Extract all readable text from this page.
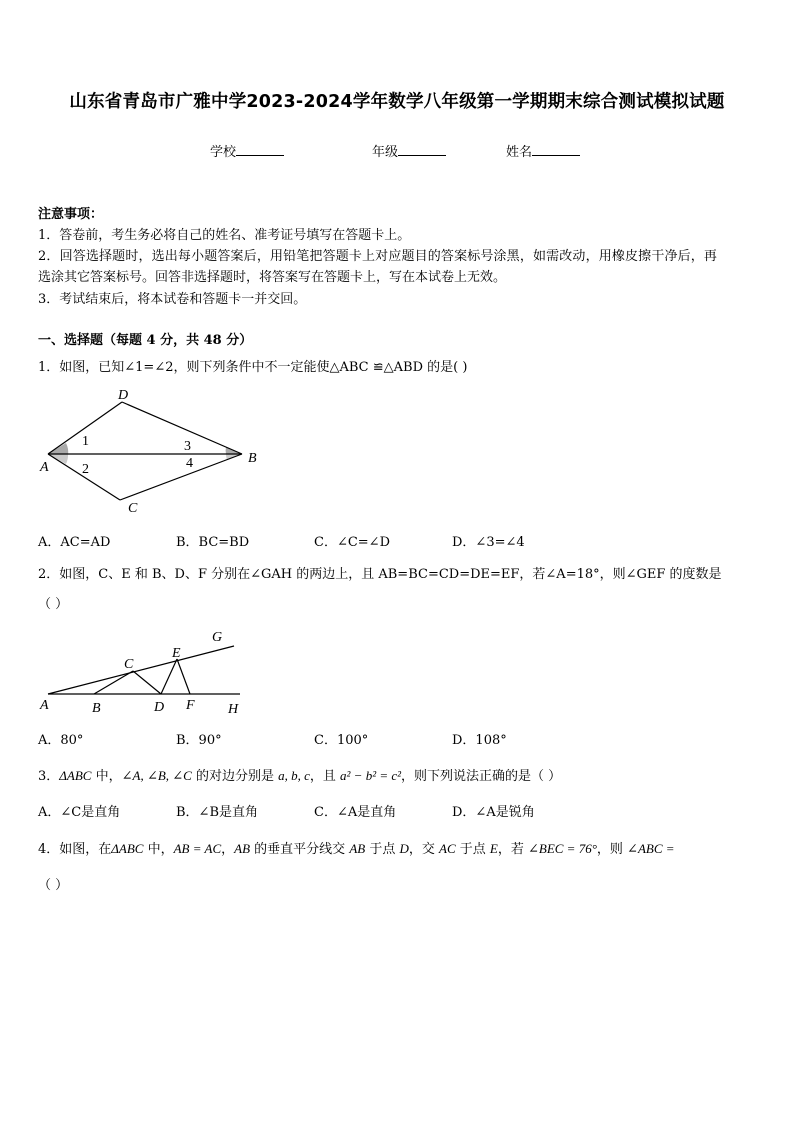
山东省青岛市广雅中学2023-2024学年数学八年级第一学期期末综合测试模拟试题
学校	年级	姓名
注意事项：
1．答卷前，考生务必将自己的姓名、准考证号填写在答题卡上。
2．回答选择题时，选出每小题答案后，用铅笔把答题卡上对应题目的答案标号涂黑，如需改动，用橡皮擦干净后，再
选涂其它答案标号。回答非选择题时，将答案写在答题卡上，写在本试卷上无效。
3．考试结束后，将本试卷和答题卡一并交回。
一、选择题（每题 4 分，共 48 分）
1．如图，已知∠1=∠2，则下列条件中不一定能使△ABC ≌△ABD 的是( )
A
B
C
D
1
2
3
4
A．AC=AD	B．BC=BD	C．∠C=∠D	D．∠3=∠4
2．如图，C、E 和 B、D、F 分别在∠GAH 的两边上，且 AB=BC=CD=DE=EF，若∠A=18°，则∠GEF 的度数是
（ ）
A	B
C
D
E
F
G
H
A．80°	B．90°	C．100°	D．108°
3．ΔABC 中，∠A, ∠B, ∠C 的对边分别是 a, b, c，且 a² − b² = c²，则下列说法正确的是（ ）
A．∠C是直角	B．∠B是直角	C．∠A是直角	D．∠A是锐角
4．如图，在ΔABC 中，AB = AC，AB 的垂直平分线交 AB 于点 D，交 AC 于点 E，若 ∠BEC = 76°，则 ∠ABC =
（ ）
